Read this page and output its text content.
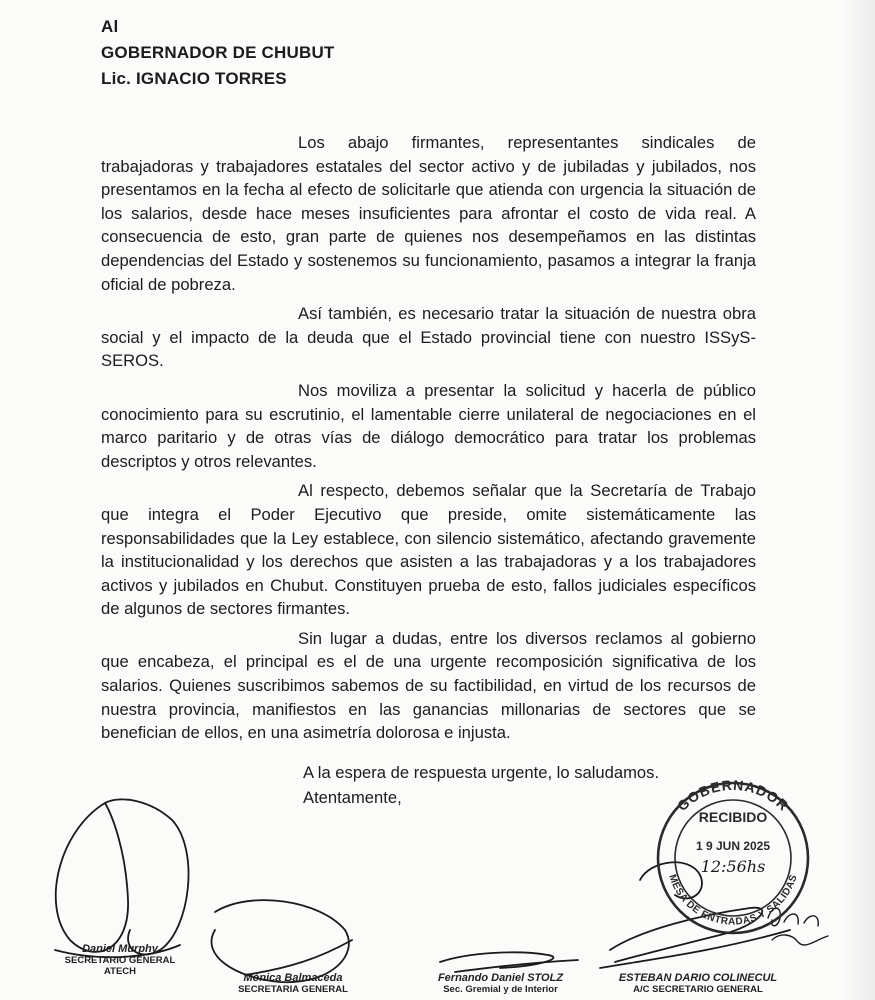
Al
GOBERNADOR DE CHUBUT
Lic. IGNACIO TORRES

Los abajo firmantes, representantes sindicales de trabajadoras y trabajadores estatales del sector activo y de jubiladas y jubilados, nos presentamos en la fecha al efecto de solicitarle que atienda con urgencia la situación de los salarios, desde hace meses insuficientes para afrontar el costo de vida real. A consecuencia de esto, gran parte de quienes nos desempeñamos en las distintas dependencias del Estado y sostenemos su funcionamiento, pasamos a integrar la franja oficial de pobreza.

Así también, es necesario tratar la situación de nuestra obra social y el impacto de la deuda que el Estado provincial tiene con nuestro ISSyS-SEROS.

Nos moviliza a presentar la solicitud y hacerla de público conocimiento para su escrutinio, el lamentable cierre unilateral de negociaciones en el marco paritario y de otras vías de diálogo democrático para tratar los problemas descriptos y otros relevantes.

Al respecto, debemos señalar que la Secretaría de Trabajo que integra el Poder Ejecutivo que preside, omite sistemáticamente las responsabilidades que la Ley establece, con silencio sistemático, afectando gravemente la institucionalidad y los derechos que asisten a las trabajadoras y a los trabajadores activos y jubilados en Chubut. Constituyen prueba de esto, fallos judiciales específicos de algunos de sectores firmantes.

Sin lugar a dudas, entre los diversos reclamos al gobierno que encabeza, el principal es el de una urgente recomposición significativa de los salarios. Quienes suscribimos sabemos de su factibilidad, en virtud de los recursos de nuestra provincia, manifiestos en las ganancias millonarias de sectores que se benefician de ellos, en una asimetría dolorosa e injusta.

A la espera de respuesta urgente, lo saludamos.
Atentamente,	GOBERNADOR
MESA DE ENTRADAS Y SALIDAS
RECIBIDO
1 9 JUN 2025
12:56hs
Daniel Murphy
SECRETARIO GENERAL
ATECH
Mónica Balmaceda
SECRETARIA GENERAL
Fernando Daniel STOLZ
Sec. Gremial y de Interior
ESTEBAN DARIO COLINECUL
A/C SECRETARIO GENERAL
